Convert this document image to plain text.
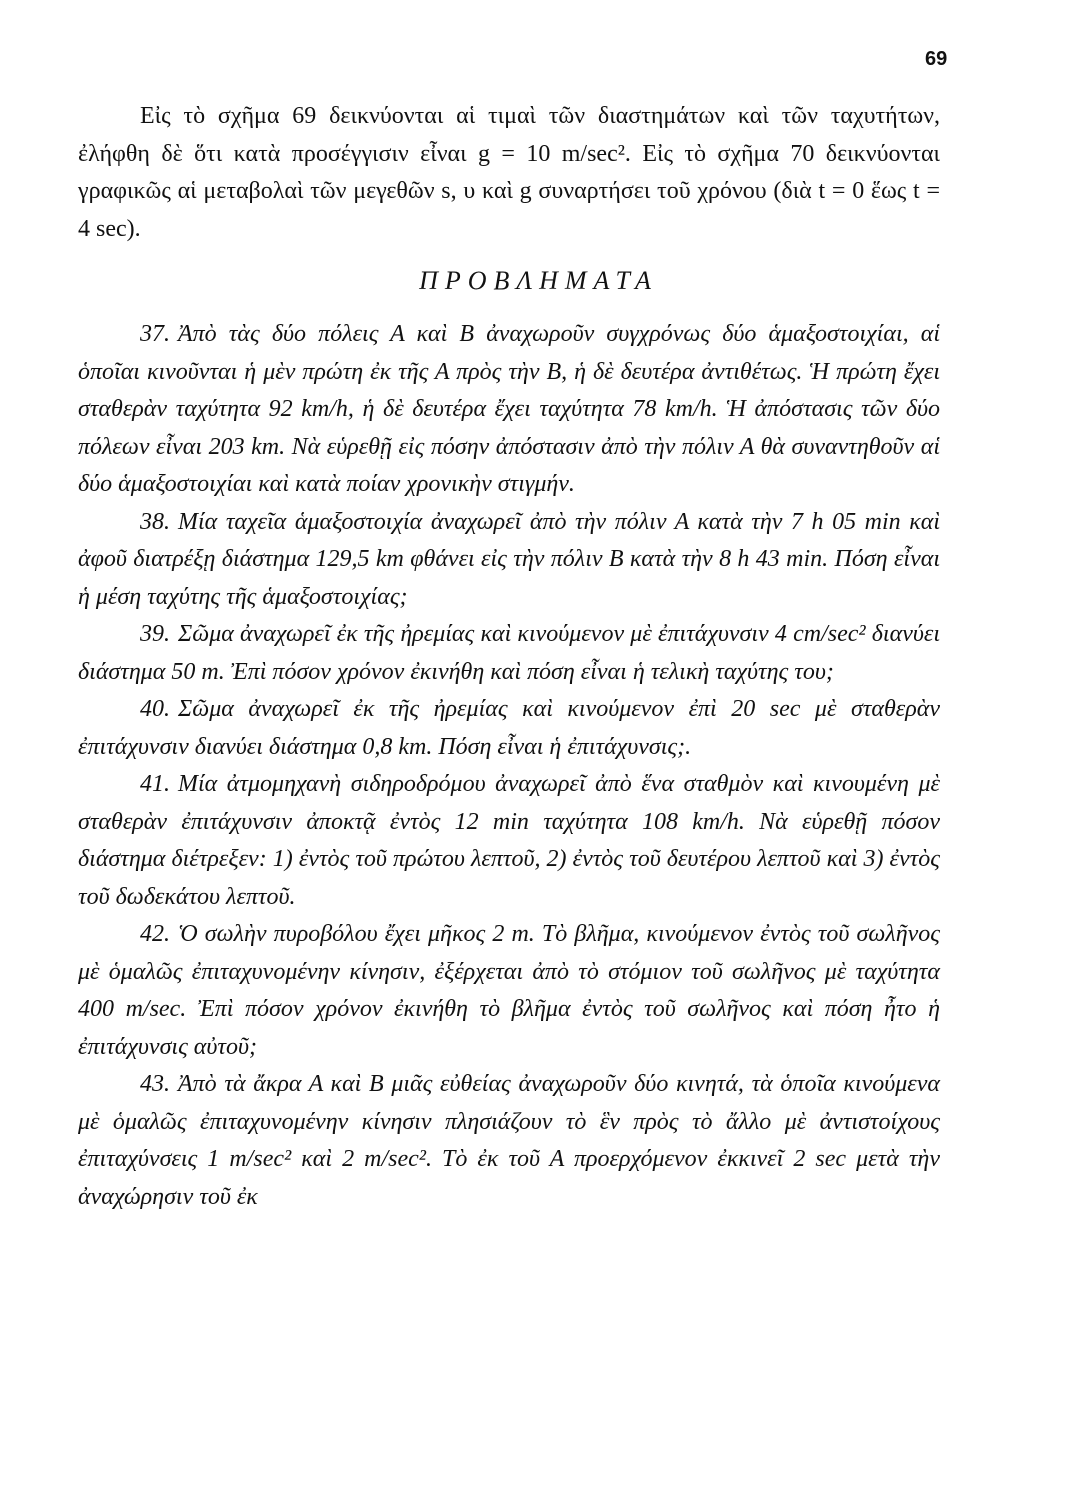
69

Εἰς τὸ σχῆμα 69 δεικνύονται αἱ τιμαὶ τῶν διαστημάτων καὶ τῶν ταχυτήτων, ἐλήφθη δὲ ὅτι κατὰ προσέγγισιν εἶναι g = 10 m/sec². Εἰς τὸ σχῆμα 70 δεικνύονται γραφικῶς αἱ μεταβολαὶ τῶν μεγεθῶν s, υ καὶ g συναρτήσει τοῦ χρόνου (διὰ t = 0 ἕως t = 4 sec).

ΠΡΟΒΛΗΜΑΤΑ

37. Ἀπὸ τὰς δύο πόλεις Α καὶ Β ἀναχωροῦν συγχρόνως δύο ἁμαξοστοιχίαι, αἱ ὁποῖαι κινοῦνται ἡ μὲν πρώτη ἐκ τῆς Α πρὸς τὴν Β, ἡ δὲ δευτέρα ἀντιθέτως. Ἡ πρώτη ἔχει σταθερὰν ταχύτητα 92 km/h, ἡ δὲ δευτέρα ἔχει ταχύτητα 78 km/h. Ἡ ἀπόστασις τῶν δύο πόλεων εἶναι 203 km. Νὰ εὑρεθῇ εἰς πόσην ἀπόστασιν ἀπὸ τὴν πόλιν Α θὰ συναντηθοῦν αἱ δύο ἁμαξοστοιχίαι καὶ κατὰ ποίαν χρονικὴν στιγμήν.

38. Μία ταχεῖα ἁμαξοστοιχία ἀναχωρεῖ ἀπὸ τὴν πόλιν Α κατὰ τὴν 7 h 05 min καὶ ἀφοῦ διατρέξῃ διάστημα 129,5 km φθάνει εἰς τὴν πόλιν Β κατὰ τὴν 8 h 43 min. Πόση εἶναι ἡ μέση ταχύτης τῆς ἁμαξοστοιχίας;

39. Σῶμα ἀναχωρεῖ ἐκ τῆς ἠρεμίας καὶ κινούμενον μὲ ἐπιτάχυνσιν 4 cm/sec² διανύει διάστημα 50 m. Ἐπὶ πόσον χρόνον ἐκινήθη καὶ πόση εἶναι ἡ τελικὴ ταχύτης του;

40. Σῶμα ἀναχωρεῖ ἐκ τῆς ἠρεμίας καὶ κινούμενον ἐπὶ 20 sec μὲ σταθερὰν ἐπιτάχυνσιν διανύει διάστημα 0,8 km. Πόση εἶναι ἡ ἐπιτάχυνσις;.

41. Μία ἀτμομηχανὴ σιδηροδρόμου ἀναχωρεῖ ἀπὸ ἕνα σταθμὸν καὶ κινουμένη μὲ σταθερὰν ἐπιτάχυνσιν ἀποκτᾷ ἐντὸς 12 min ταχύτητα 108 km/h. Νὰ εὑρεθῇ πόσον διάστημα διέτρεξεν: 1) ἐντὸς τοῦ πρώτου λεπτοῦ, 2) ἐντὸς τοῦ δευτέρου λεπτοῦ καὶ 3) ἐντὸς τοῦ δωδεκάτου λεπτοῦ.

42. Ὁ σωλὴν πυροβόλου ἔχει μῆκος 2 m. Τὸ βλῆμα, κινούμενον ἐντὸς τοῦ σωλῆνος μὲ ὁμαλῶς ἐπιταχυνομένην κίνησιν, ἐξέρχεται ἀπὸ τὸ στόμιον τοῦ σωλῆνος μὲ ταχύτητα 400 m/sec. Ἐπὶ πόσον χρόνον ἐκινήθη τὸ βλῆμα ἐντὸς τοῦ σωλῆνος καὶ πόση ἦτο ἡ ἐπιτάχυνσις αὐτοῦ;

43. Ἀπὸ τὰ ἄκρα Α καὶ Β μιᾶς εὐθείας ἀναχωροῦν δύο κινητά, τὰ ὁποῖα κινούμενα μὲ ὁμαλῶς ἐπιταχυνομένην κίνησιν πλησιάζουν τὸ ἓν πρὸς τὸ ἄλλο μὲ ἀντιστοίχους ἐπιταχύνσεις 1 m/sec² καὶ 2 m/sec². Τὸ ἐκ τοῦ Α προερχόμενον ἐκκινεῖ 2 sec μετὰ τὴν ἀναχώρησιν τοῦ ἐκ
